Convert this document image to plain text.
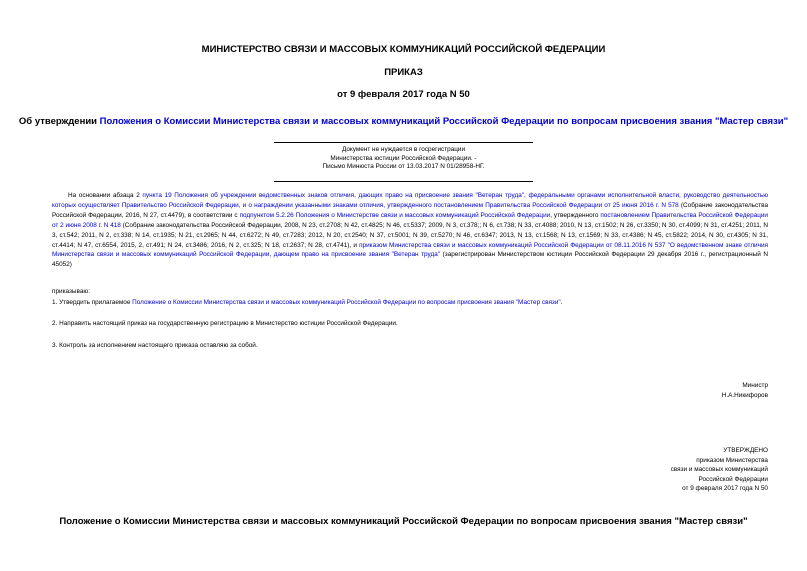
МИНИСТЕРСТВО СВЯЗИ И МАССОВЫХ КОММУНИКАЦИЙ РОССИЙСКОЙ ФЕДЕРАЦИИ
ПРИКАЗ
от 9 февраля 2017 года N 50
Об утверждении Положения о Комиссии Министерства связи и массовых коммуникаций Российской Федерации по вопросам присвоения звания "Мастер связи"
Документ не нуждается в госрегистрации
Министерства юстиции Российской Федерации. -
Письмо Минюста России от 13.03.2017 N 01/28958-НГ.
На основании абзаца 2 пункта 19 Положения об учреждении ведомственных знаков отличия, дающих право на присвоение звания "Ветеран труда", федеральными органами исполнительной власти, руководство деятельностью которых осуществляет Правительство Российской Федерации, и о награждении указанными знаками отличия, утвержденного постановлением Правительства Российской Федерации от 25 июня 2016 г. N 578 (Собрание законодательства Российской Федерации, 2016, N 27, ст.4479), в соответствии с подпунктом 5.2.26 Положения о Министерстве связи и массовых коммуникаций Российской Федерации, утвержденного постановлением Правительства Российской Федерации от 2 июня 2008 г. N 418 (Собрание законодательства Российской Федерации, 2008, N 23, ст.2708; N 42, ст.4825; N 46, ст.5337; 2009, N 3, ст.378;; N 6, ст.738; N 33, ст.4088; 2010, N 13, ст.1502; N 26, ст.3350; N 30, ст.4099; N 31, ст.4251; 2011, N 3, ст.542; 2011, N 2, ст.338; N 14, ст.1935; N 21, ст.2965; N 44, ст.6272; N 49, ст.7283; 2012, N 20, ст.2540; N 37, ст.5001; N 39, ст.5270; N 46, ст.6347; 2013, N 13, ст.1568; N 13, ст.1569; N 33, ст.4386; N 45, ст.5822; 2014, N 30, ст.4305; N 31, ст.4414; N 47, ст.6554, 2015, 2, ст.491; N 24, ст.3486; 2016, N 2, ст.325; N 18, ст.2637; N 28, ст.4741), и приказом Министерства связи и массовых коммуникаций Российской Федерации от 08.11.2016 N 537 "О ведомственном знаке отличия Министерства связи и массовых коммуникаций Российской Федерации, дающем право на присвоение звания "Ветеран труда" (зарегистрирован Министерством юстиции Российской Федерации 29 декабря 2016 г., регистрационный N 45052)
приказываю:
1. Утвердить прилагаемое Положение о Комиссии Министерства связи и массовых коммуникаций Российской Федерации по вопросам присвоения звания "Мастер связи".
2. Направить настоящий приказ на государственную регистрацию в Министерство юстиции Российской Федерации.
3. Контроль за исполнением настоящего приказа оставляю за собой.
Министр
Н.А.Никифоров
УТВЕРЖДЕНО
приказом Министерства
связи и массовых коммуникаций
Российской Федерации
от 9 февраля 2017 года N 50
Положение о Комиссии Министерства связи и массовых коммуникаций Российской Федерации по вопросам присвоения звания "Мастер связи"
